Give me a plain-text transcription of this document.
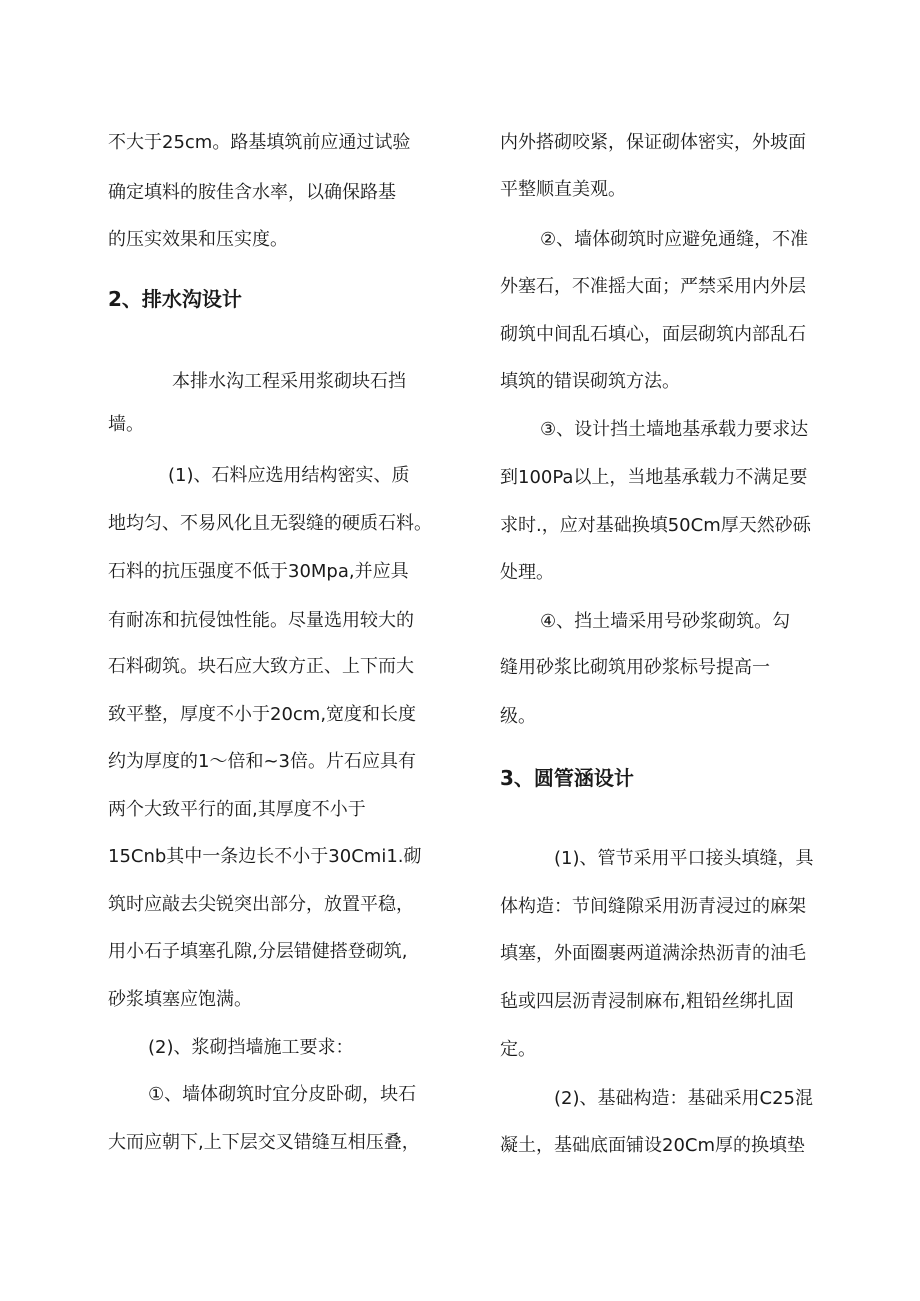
不大于25cm。路基填筑前应通过试验
确定填料的胺佳含水率，以确保路基
的压实效果和压实度。
2、排水沟设计
本排水沟工程采用浆砌块石挡
墙。
(1)、石料应选用结构密实、质
地均匀、不易风化且无裂缝的硬质石料。
石料的抗压强度不低于30Mpa,并应具
有耐冻和抗侵蚀性能。尽量选用较大的
石料砌筑。块石应大致方正、上下而大
致平整，厚度不小于20cm,宽度和长度
约为厚度的1～倍和~3倍。片石应具有
两个大致平行的面,其厚度不小于
15Cnb其中一条边长不小于30Cmi1.砌
筑时应敲去尖锐突出部分，放置平稳，
用小石子填塞孔隙,分层错健搭登砌筑,
砂浆填塞应饱满。
(2)、浆砌挡墙施工要求：
①、墙体砌筑时宜分皮卧砌，块石
大而应朝下,上下层交叉错缝互相压叠，
内外搭砌咬紧，保证砌体密实，外坡面
平整顺直美观。
②、墙体砌筑时应避免通缝，不准
外塞石，不准摇大面；严禁采用内外层
砌筑中间乱石填心，面层砌筑内部乱石
填筑的错误砌筑方法。
③、设计挡土墙地基承载力要求达
到100Pa以上，当地基承载力不满足要
求时.，应对基础换填50Cm厚天然砂砾
处理。
④、挡土墙采用号砂浆砌筑。勾
缝用砂浆比砌筑用砂浆标号提高一
级。
3、圆管涵设计
(1)、管节采用平口接头填缝，具
体构造：节间缝隙采用沥青浸过的麻架
填塞，外面圈裹两道满涂热沥青的油毛
毡或四层沥青浸制麻布,粗铅丝绑扎固
定。
(2)、基础构造：基础采用C25混
凝土，基础底面铺设20Cm厚的换填垫
